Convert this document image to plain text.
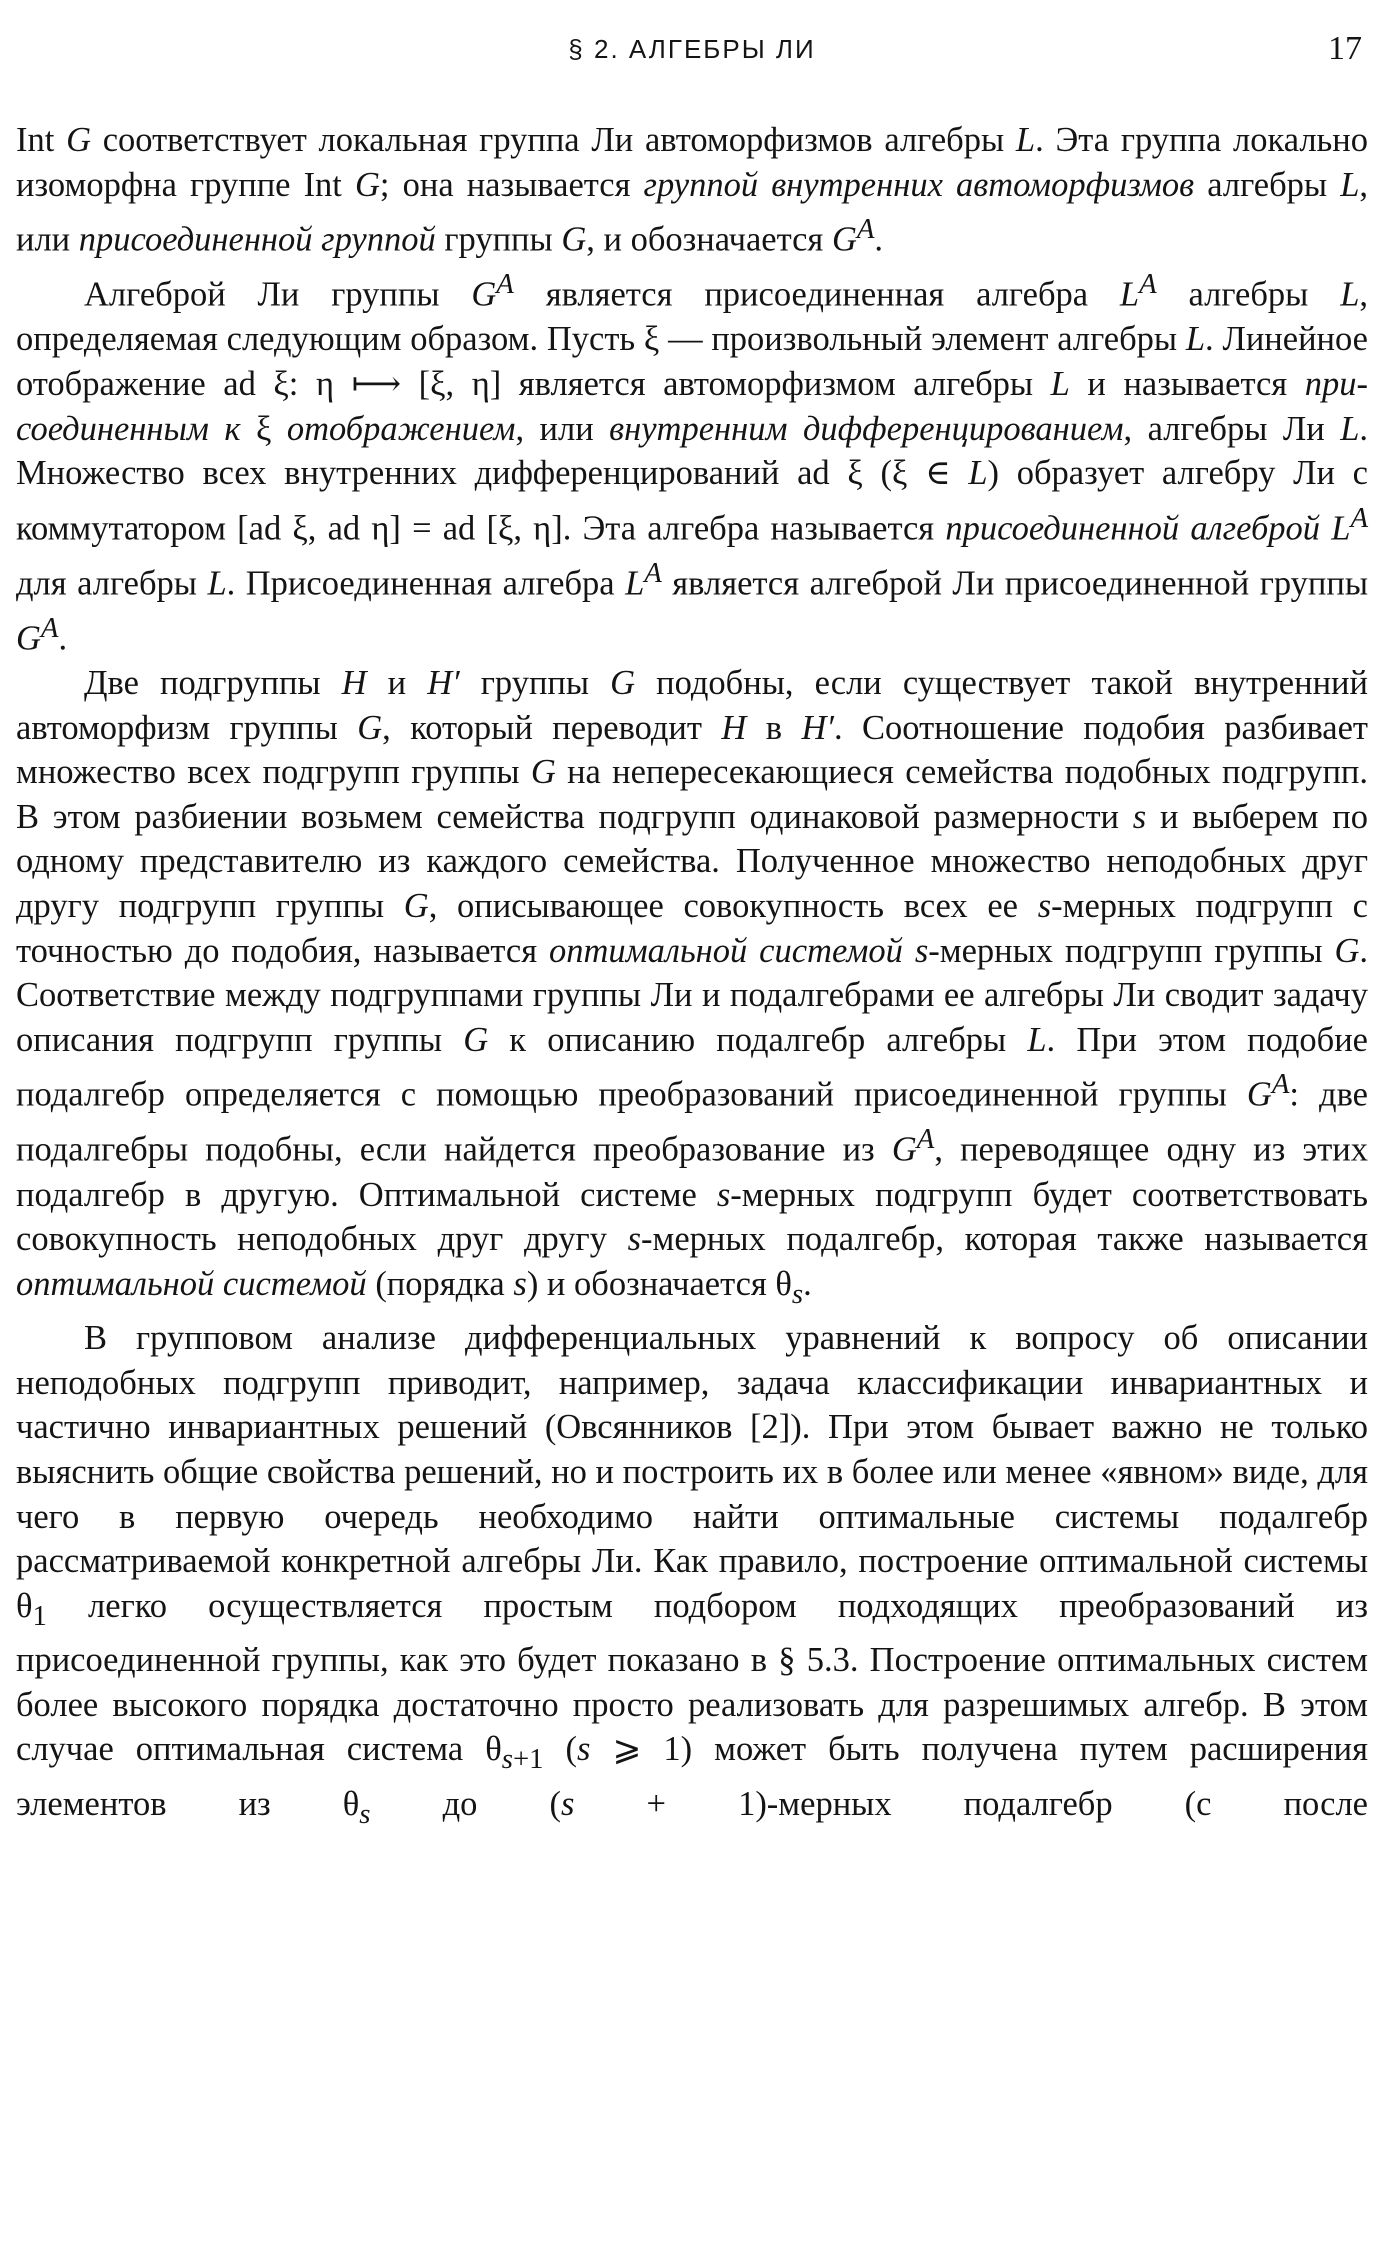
§ 2. АЛГЕБРЫ ЛИ	17

Int G соответствует локальная группа Ли автоморфизмов алгебры L. Эта группа локально изоморфна группе Int G; она называется группой внутренних автоморфизмов алгебры L, или присоединенной группой группы G, и обозначается $G^A$.

Алгеброй Ли группы $G^A$ является присоединенная алгебра $L^A$ алгебры L, определяемая следующим образом. Пусть ξ — произвольный элемент алгебры L. Линейное отображение ad ξ: η ⟼ [ξ, η] является автоморфизмом алгебры L и называется присоединенным к ξ отображением, или внутренним дифференцированием, алгебры Ли L. Множество всех внутренних дифференцирований ad ξ (ξ ∈ L) образует алгебру Ли с коммутатором [ad ξ, ad η] = ad [ξ, η]. Эта алгебра называется присоединенной алгеброй $L^A$ для алгебры L. Присоединенная алгебра $L^A$ является алгеброй Ли присоединенной группы $G^A$.

Две подгруппы H и H′ группы G подобны, если существует такой внутренний автоморфизм группы G, который переводит H в H′. Соотношение подобия разбивает множество всех подгрупп группы G на непересекающиеся семейства подобных подгрупп. В этом разбиении возьмем семейства подгрупп одинаковой размерности s и выберем по одному представителю из каждого семейства. Полученное множество неподобных друг другу подгрупп группы G, описывающее совокупность всех ее s-мерных подгрупп с точностью до подобия, называется оптимальной системой s-мерных подгрупп группы G. Соответствие между подгруппами группы Ли и подалгебрами ее алгебры Ли сводит задачу описания подгрупп группы G к описанию подалгебр алгебры L. При этом подобие подалгебр определяется с помощью преобразований присоединенной группы $G^A$: две подалгебры подобны, если найдется преобразование из $G^A$, переводящее одну из этих подалгебр в другую. Оптимальной системе s-мерных подгрупп будет соответствовать совокупность неподобных друг другу s-мерных подалгебр, которая также называется оптимальной системой (порядка s) и обозначается $\theta_s$.

В групповом анализе дифференциальных уравнений к вопросу об описании неподобных подгрупп приводит, например, задача классификации инвариантных и частично инвариантных решений (Овсянников [2]). При этом бывает важно не только выяснить общие свойства решений, но и построить их в более или менее «явном» виде, для чего в первую очередь необходимо найти оптимальные системы подалгебр рассматриваемой конкретной алгебры Ли. Как правило, построение оптимальной системы $\theta_1$ легко осуществляется простым подбором подходящих преобразований из присоединенной группы, как это будет показано в § 5.3. Построение оптимальных систем более высокого порядка достаточно просто реализовать для разрешимых алгебр. В этом случае оптимальная система $\theta_{s+1}$ (s ⩾ 1) может быть получена путем расширения элементов из $\theta_s$ до (s + 1)-мерных подалгебр (с после
